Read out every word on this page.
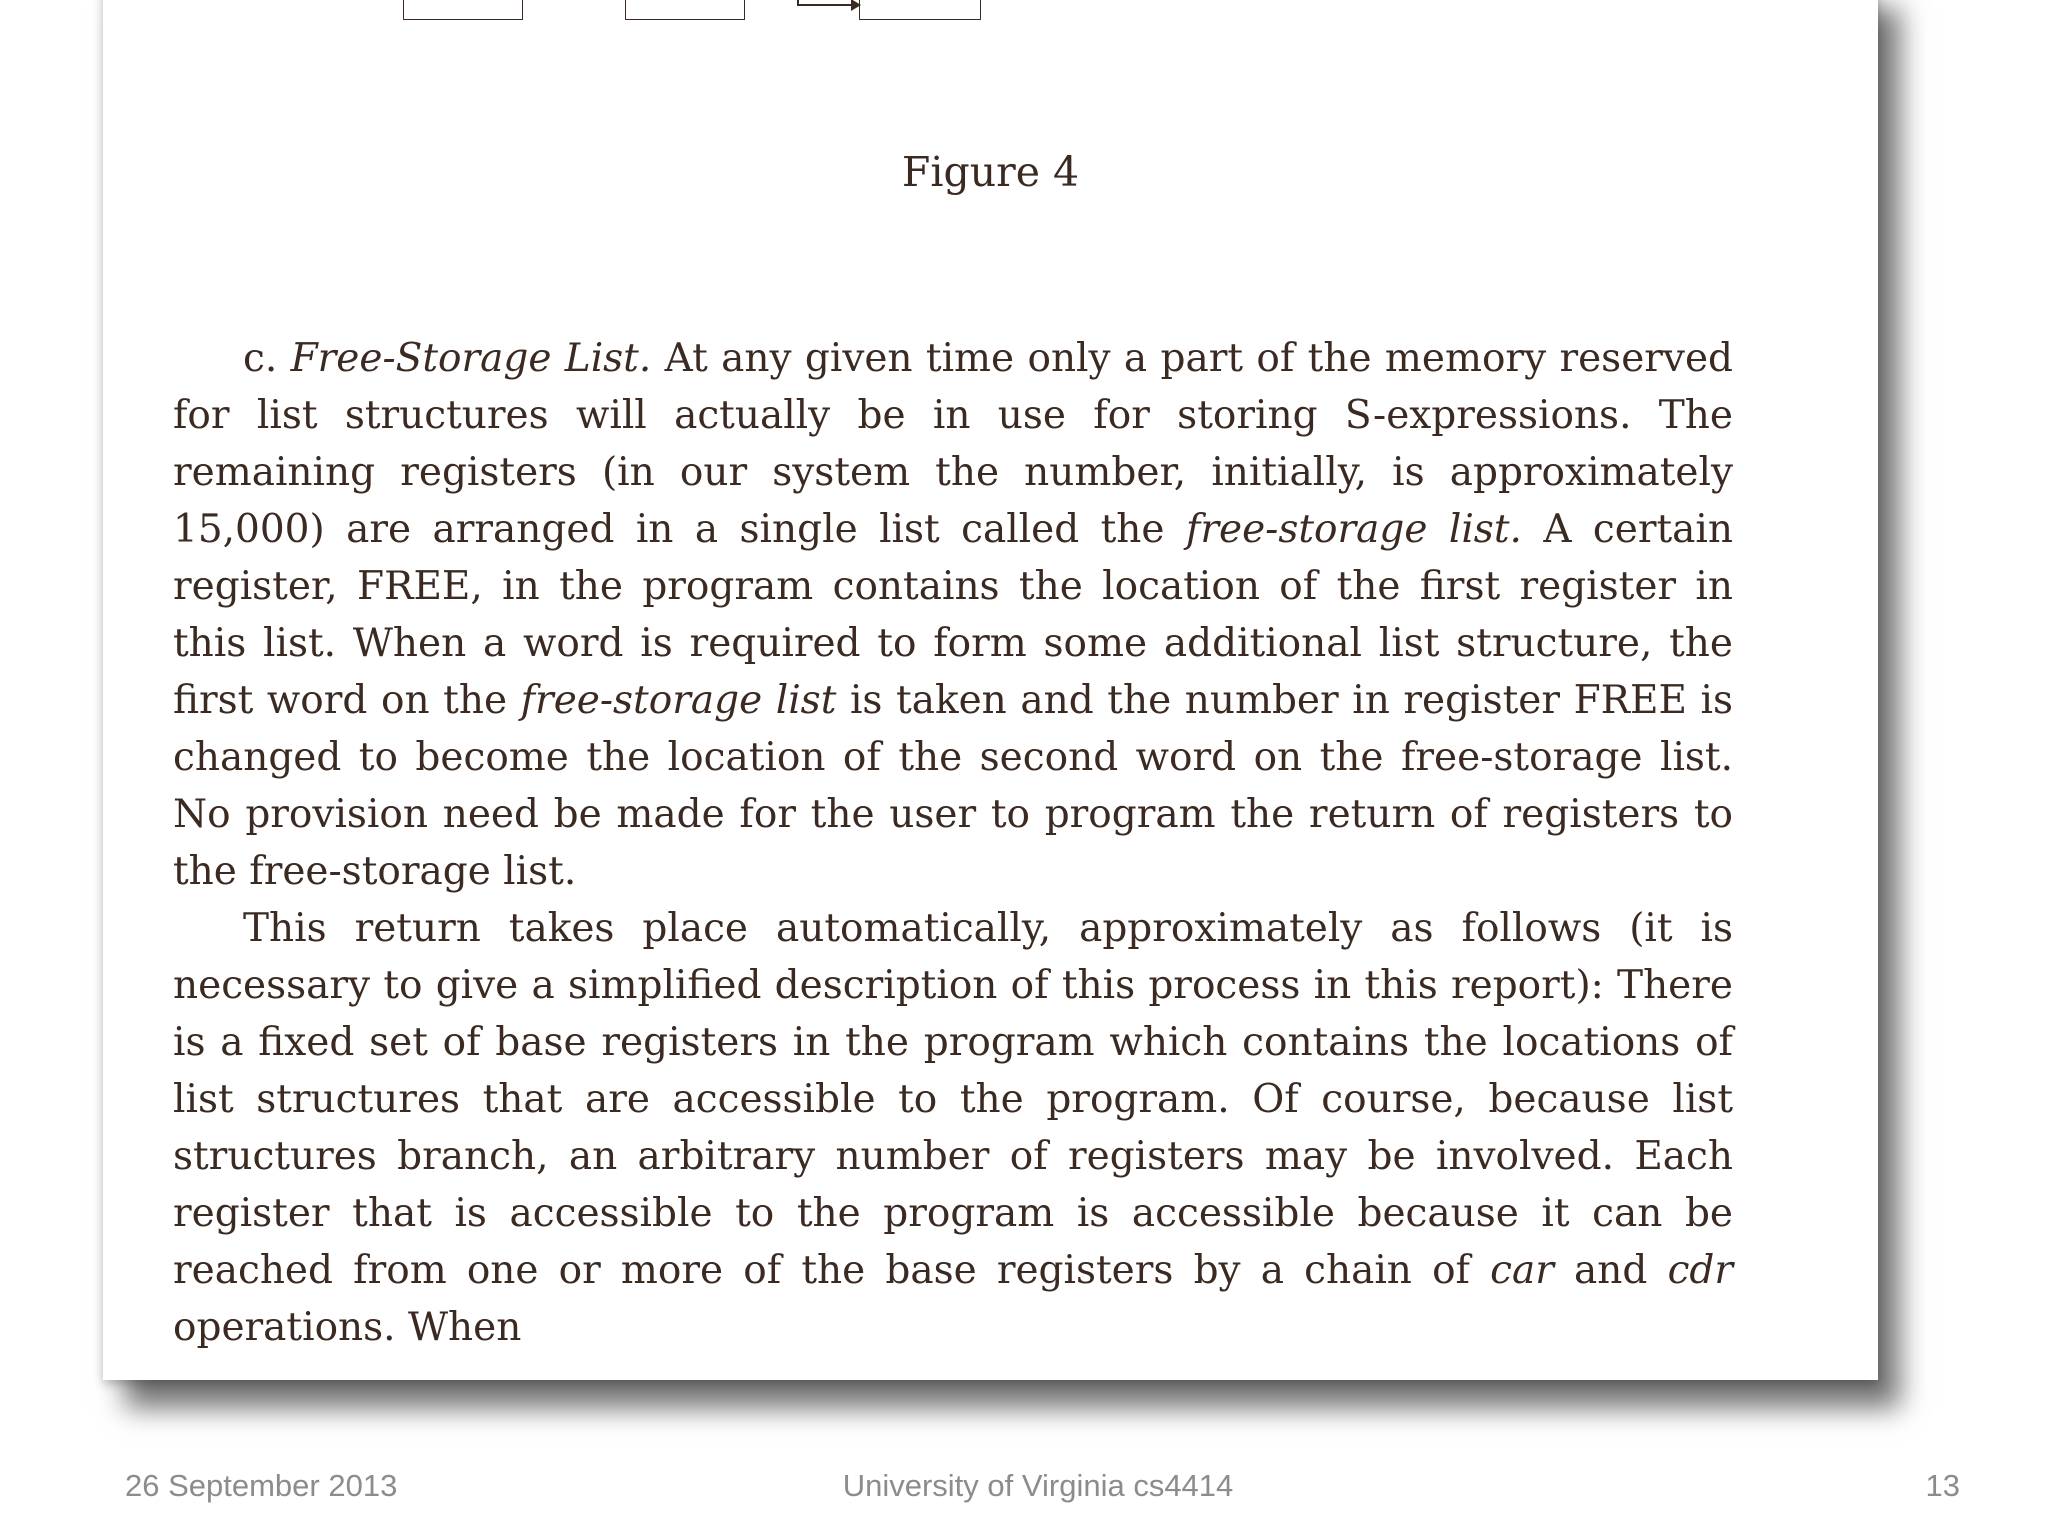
Figure 4

c. Free-Storage List. At any given time only a part of the memory reserved for list structures will actually be in use for storing S-expressions. The remaining registers (in our system the number, initially, is approximately 15,000) are arranged in a single list called the free-storage list. A certain register, FREE, in the program contains the location of the first register in this list. When a word is required to form some additional list structure, the first word on the free-storage list is taken and the number in register FREE is changed to become the location of the second word on the free-storage list. No provision need be made for the user to program the return of registers to the free-storage list.

This return takes place automatically, approximately as follows (it is necessary to give a simplified description of this process in this report): There is a fixed set of base registers in the program which contains the locations of list structures that are accessible to the program. Of course, because list structures branch, an arbitrary number of registers may be involved. Each register that is accessible to the program is accessible because it can be reached from one or more of the base registers by a chain of car and cdr operations. When

26 September 2013	University of Virginia cs4414	13
